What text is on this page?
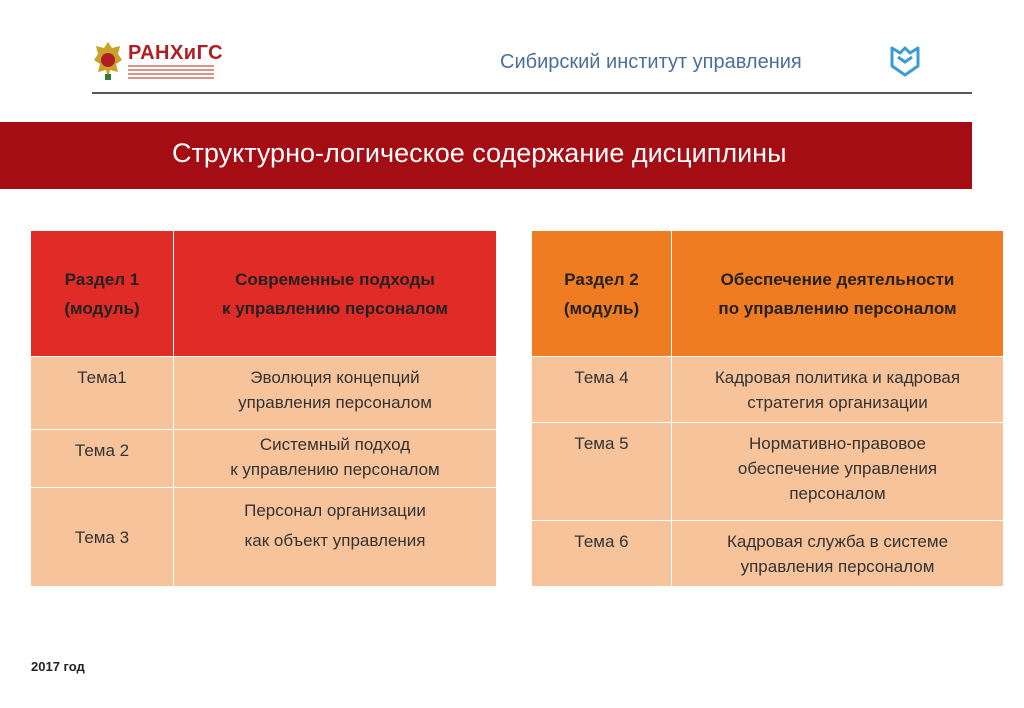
РАНХиГС	Сибирский институт управления
Структурно-логическое содержание дисциплины
Раздел 1
(модуль)	Современные подходы
к управлению персоналом

Тема1	Эволюция концепций
управления персоналом

Тема 2	Системный подход
к управлению персоналом

Тема 3	Персонал организации
как объект управления
Раздел 2
(модуль)	Обеспечение деятельности
по управлению персоналом

Тема 4	Кадровая политика и кадровая
стратегия организации

Тема 5	Нормативно-правовое
обеспечение управления
персоналом

Тема 6	Кадровая служба в системе
управления персоналом
2017 год
